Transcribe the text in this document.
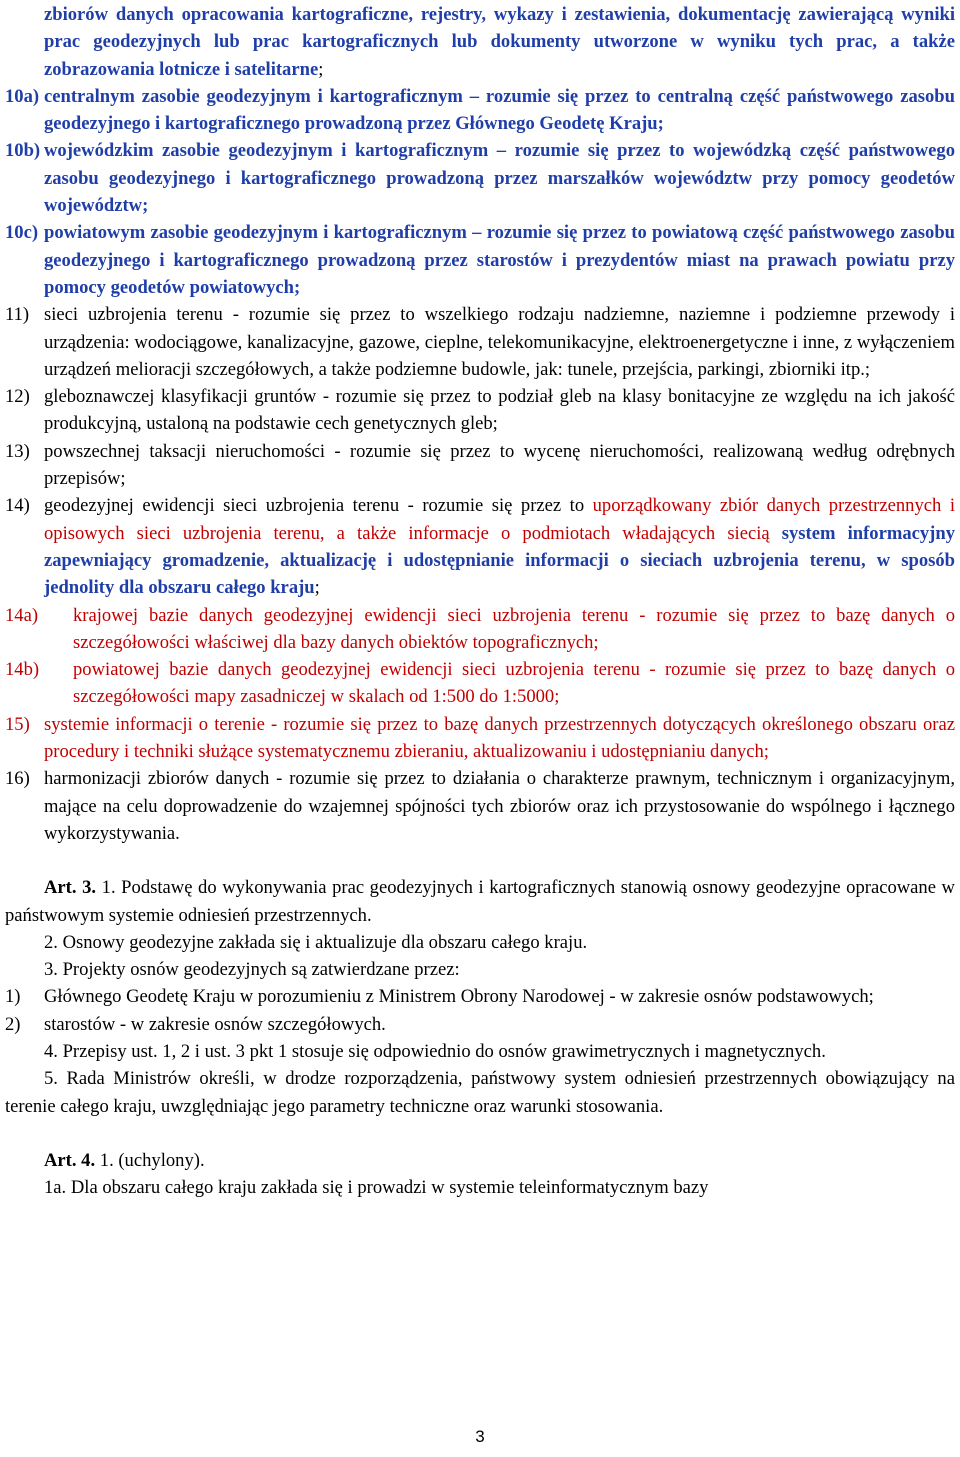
zbiorów danych opracowania kartograficzne, rejestry, wykazy i zestawienia, dokumentację zawierającą wyniki prac geodezyjnych lub prac kartograficznych lub dokumenty utworzone w wyniku tych prac, a także zobrazowania lotnicze i satelitarne;
10a) centralnym zasobie geodezyjnym i kartograficznym – rozumie się przez to centralną część państwowego zasobu geodezyjnego i kartograficznego prowadzoną przez Głównego Geodetę Kraju;
10b) wojewódzkim zasobie geodezyjnym i kartograficznym – rozumie się przez to wojewódzką część państwowego zasobu geodezyjnego i kartograficznego prowadzoną przez marszałków województw przy pomocy geodetów województw;
10c) powiatowym zasobie geodezyjnym i kartograficznym – rozumie się przez to powiatową część państwowego zasobu geodezyjnego i kartograficznego prowadzoną przez starostów i prezydentów miast na prawach powiatu przy pomocy geodetów powiatowych;
11) sieci uzbrojenia terenu - rozumie się przez to wszelkiego rodzaju nadziemne, naziemne i podziemne przewody i urządzenia: wodociągowe, kanalizacyjne, gazowe, cieplne, telekomunikacyjne, elektroenergetyczne i inne, z wyłączeniem urządzeń melioracji szczegółowych, a także podziemne budowle, jak: tunele, przejścia, parkingi, zbiorniki itp.;
12) gleboznawczej klasyfikacji gruntów - rozumie się przez to podział gleb na klasy bonitacyjne ze względu na ich jakość produkcyjną, ustaloną na podstawie cech genetycznych gleb;
13) powszechnej taksacji nieruchomości - rozumie się przez to wycenę nieruchomości, realizowaną według odrębnych przepisów;
14) geodezyjnej ewidencji sieci uzbrojenia terenu - rozumie się przez to uporządkowany zbiór danych przestrzennych i opisowych sieci uzbrojenia terenu, a także informacje o podmiotach władających siecią system informacyjny zapewniający gromadzenie, aktualizację i udostępnianie informacji o sieciach uzbrojenia terenu, w sposób jednolity dla obszaru całego kraju;
14a)	krajowej bazie danych geodezyjnej ewidencji sieci uzbrojenia terenu - rozumie się przez to bazę danych o szczegółowości właściwej dla bazy danych obiektów topograficznych;
14b)	powiatowej bazie danych geodezyjnej ewidencji sieci uzbrojenia terenu - rozumie się przez to bazę danych o szczegółowości mapy zasadniczej w skalach od 1:500 do 1:5000;
15) systemie informacji o terenie - rozumie się przez to bazę danych przestrzennych dotyczących określonego obszaru oraz procedury i techniki służące systematycznemu zbieraniu, aktualizowaniu i udostępnianiu danych;
16) harmonizacji zbiorów danych - rozumie się przez to działania o charakterze prawnym, technicznym i organizacyjnym, mające na celu doprowadzenie do wzajemnej spójności tych zbiorów oraz ich przystosowanie do wspólnego i łącznego wykorzystywania.
Art. 3. 1. Podstawę do wykonywania prac geodezyjnych i kartograficznych stanowią osnowy geodezyjne opracowane w państwowym systemie odniesień przestrzennych.
2. Osnowy geodezyjne zakłada się i aktualizuje dla obszaru całego kraju.
3. Projekty osnów geodezyjnych są zatwierdzane przez:
1)	Głównego Geodetę Kraju w porozumieniu z Ministrem Obrony Narodowej - w zakresie osnów podstawowych;
2)	starostów - w zakresie osnów szczegółowych.
4. Przepisy ust. 1, 2 i ust. 3 pkt 1 stosuje się odpowiednio do osnów grawimetrycznych i magnetycznych.
5. Rada Ministrów określi, w drodze rozporządzenia, państwowy system odniesień przestrzennych obowiązujący na terenie całego kraju, uwzględniając jego parametry techniczne oraz warunki stosowania.
Art. 4. 1. (uchylony).
1a. Dla obszaru całego kraju zakłada się i prowadzi w systemie teleinformatycznym bazy
3
